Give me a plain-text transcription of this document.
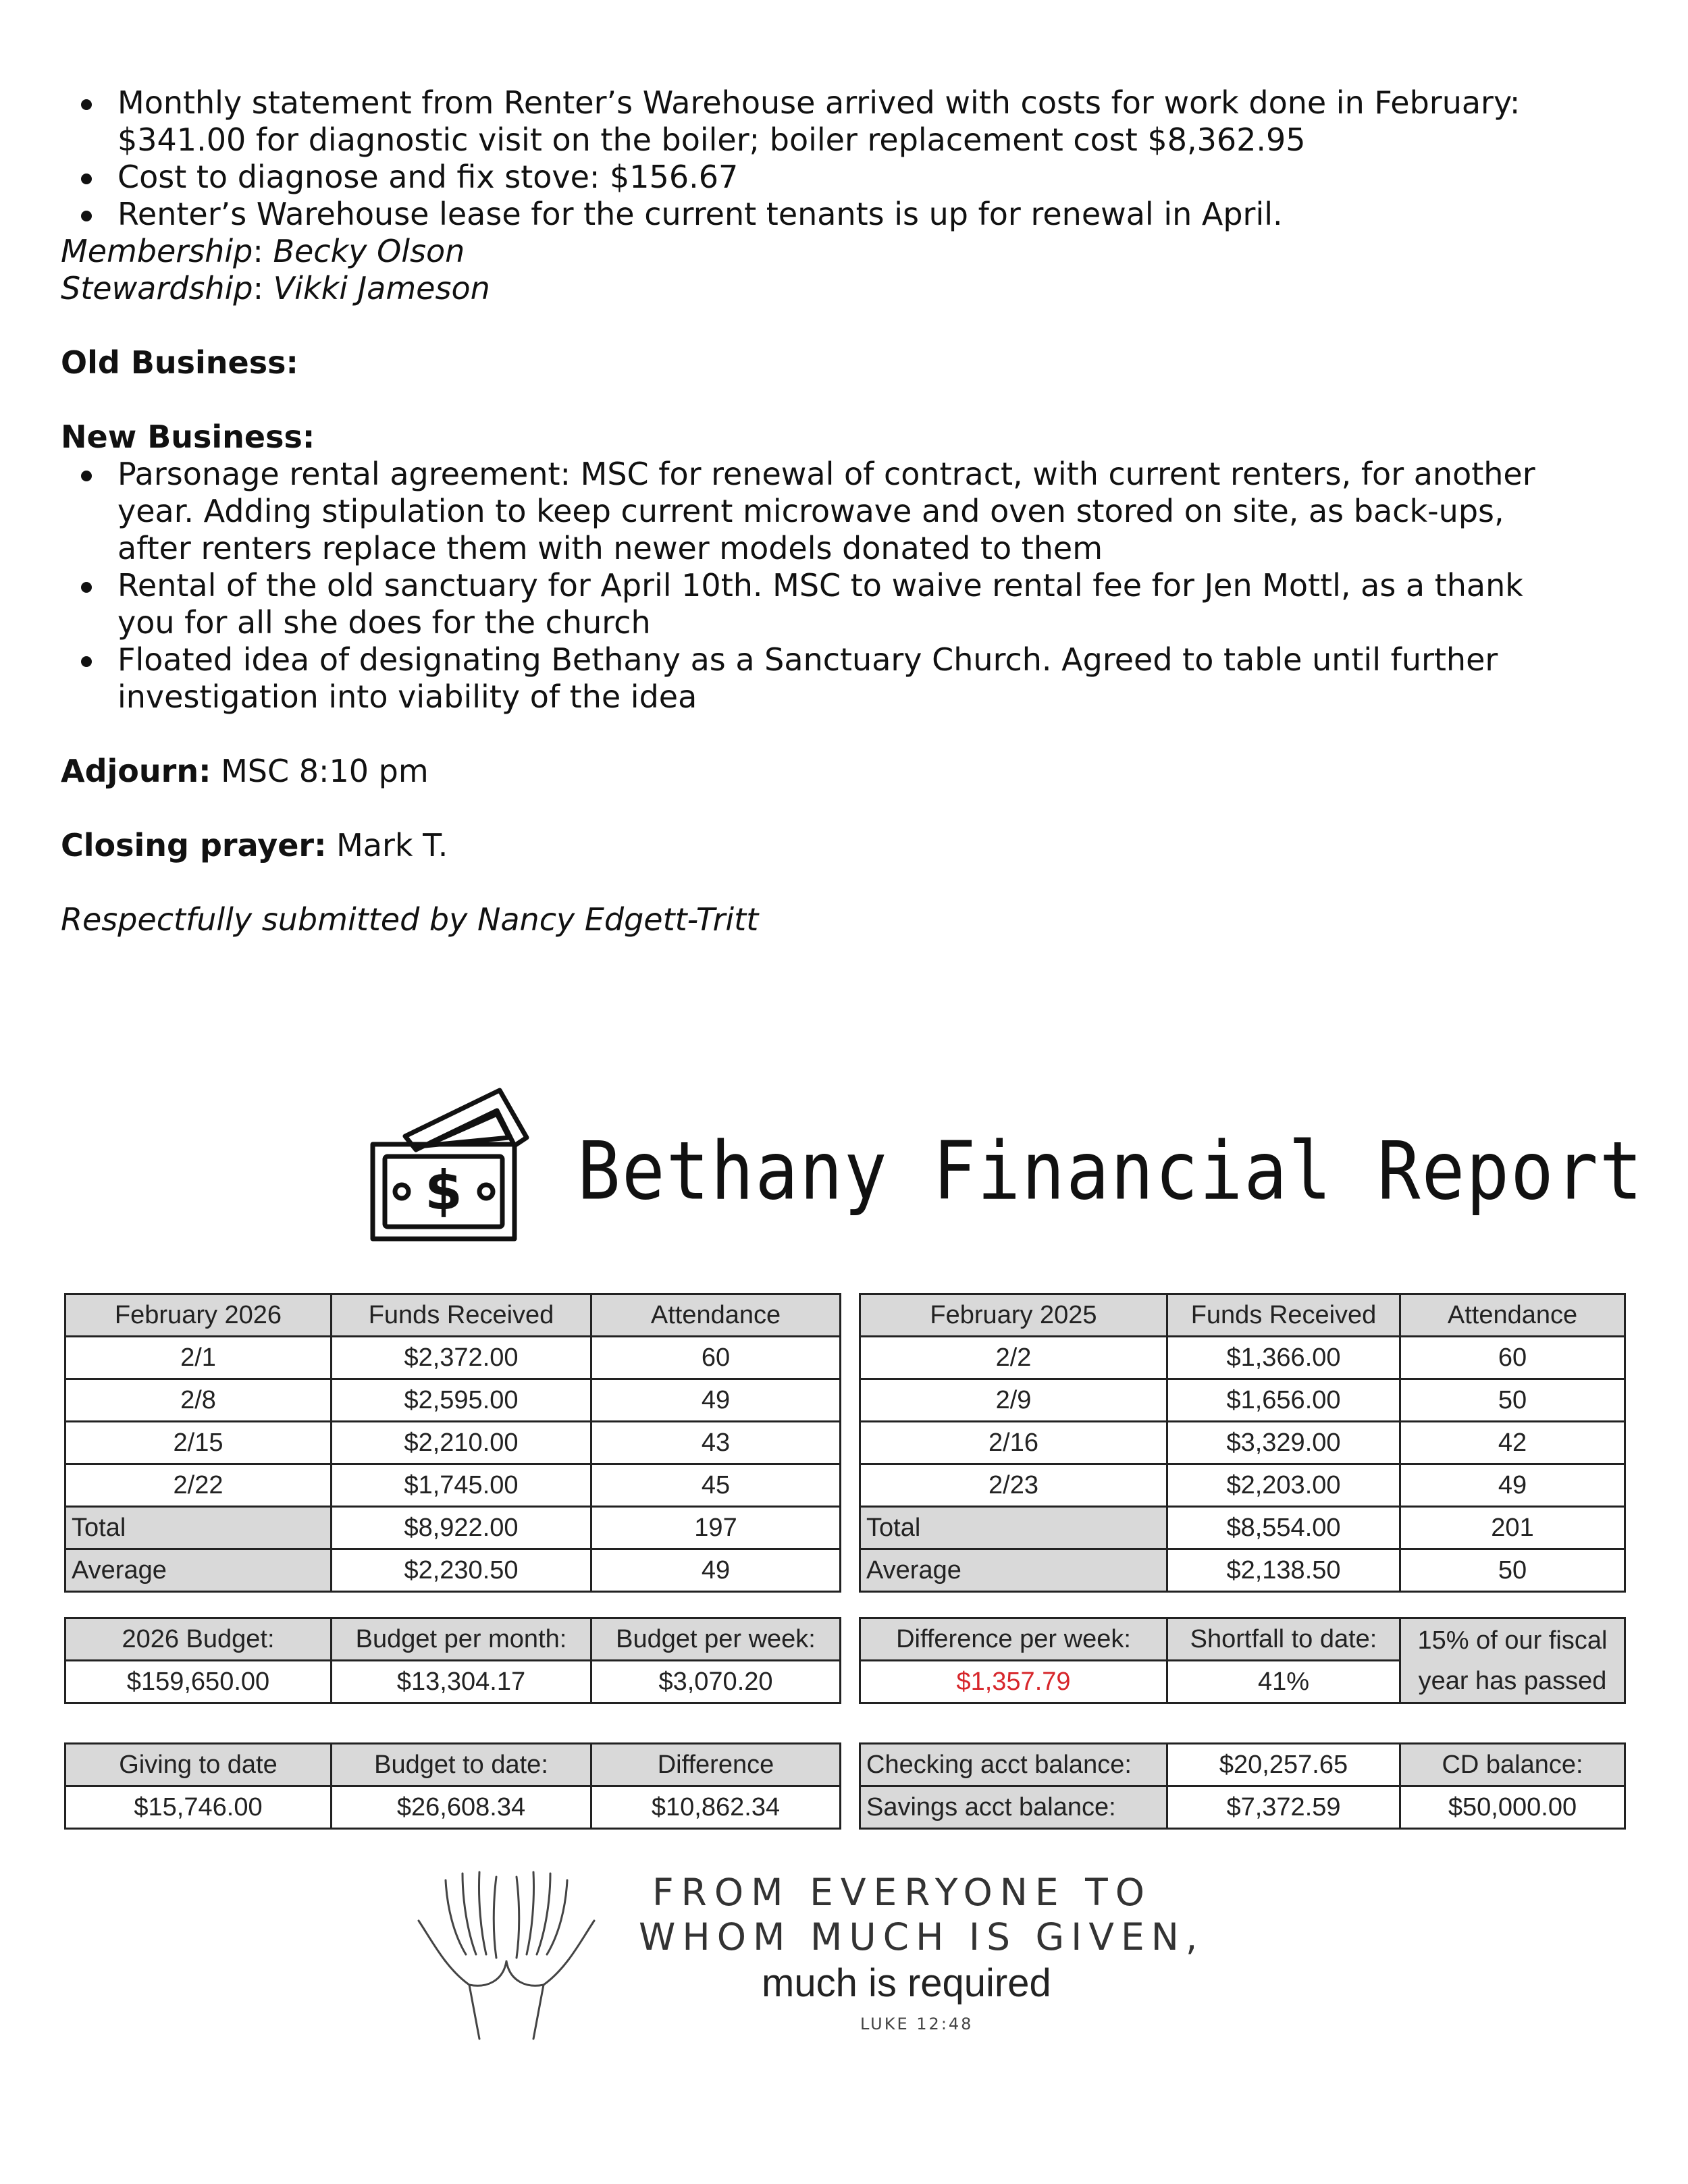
Monthly statement from Renter’s Warehouse arrived with costs for work done in February:
$341.00 for diagnostic visit on the boiler; boiler replacement cost $8,362.95
Cost to diagnose and fix stove: $156.67
Renter’s Warehouse lease for the current tenants is up for renewal in April.
Membership: Becky Olson
Stewardship: Vikki Jameson
Old Business:
New Business:
Parsonage rental agreement: MSC for renewal of contract, with current renters, for another
year. Adding stipulation to keep current microwave and oven stored on site, as back-ups,
after renters replace them with newer models donated to them
Rental of the old sanctuary for April 10th. MSC to waive rental fee for Jen Mottl, as a thank
you for all she does for the church
Floated idea of designating Bethany as a Sanctuary Church. Agreed to table until further
investigation into viability of the idea
Adjourn: MSC 8:10 pm
Closing prayer: Mark T.
Respectfully submitted by Nancy Edgett-Tritt
$ Bethany Financial Report
February 2026	Funds Received	Attendance
2/1	$2,372.00	60
2/8	$2,595.00	49
2/15	$2,210.00	43
2/22	$1,745.00	45
Total	$8,922.00	197
Average	$2,230.50	49
February 2025	Funds Received	Attendance
2/2	$1,366.00	60
2/9	$1,656.00	50
2/16	$3,329.00	42
2/23	$2,203.00	49
Total	$8,554.00	201
Average	$2,138.50	50
2026 Budget:	Budget per month:	Budget per week:
$159,650.00	$13,304.17	$3,070.20
Difference per week:	Shortfall to date:	15% of our fiscal
year has passed

$1,357.79	41%	
Giving to date	Budget to date:	Difference
$15,746.00	$26,608.34	$10,862.34
Checking acct balance:	$20,257.65	CD balance:
Savings acct balance:	$7,372.59	$50,000.00
FROM EVERYONE TO
WHOM MUCH IS GIVEN,
much is required
LUKE 12:48
